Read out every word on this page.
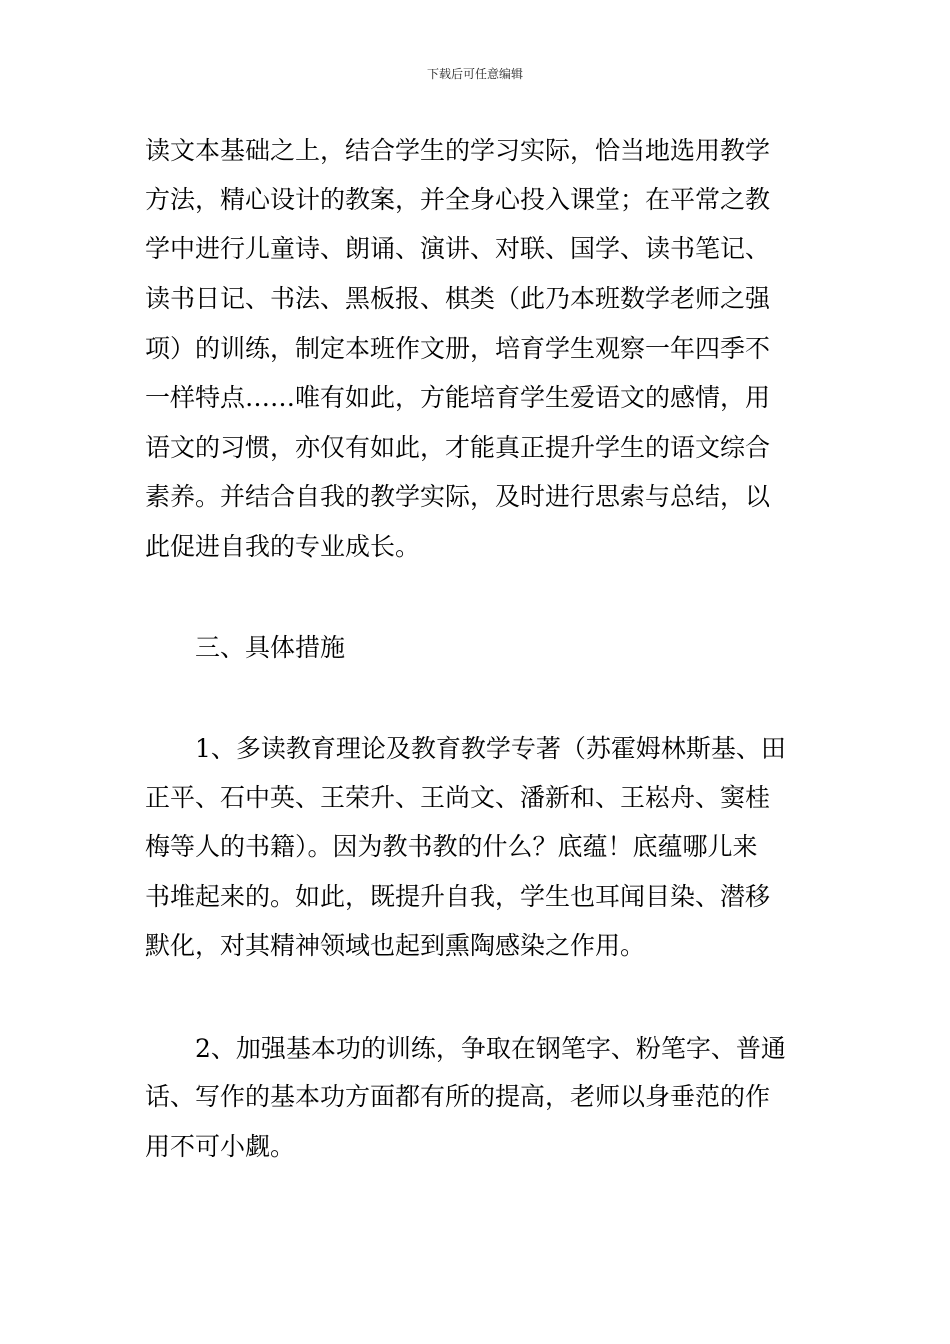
下载后可任意编辑
读文本基础之上，结合学生的学习实际，恰当地选用教学
方法，精心设计的教案，并全身心投入课堂；在平常之教
学中进行儿童诗、朗诵、演讲、对联、国学、读书笔记、
读书日记、书法、黑板报、棋类（此乃本班数学老师之强
项）的训练，制定本班作文册，培育学生观察一年四季不
一样特点……唯有如此，方能培育学生爱语文的感情，用
语文的习惯，亦仅有如此，才能真正提升学生的语文综合
素养。并结合自我的教学实际，及时进行思索与总结，以
此促进自我的专业成长。
三、具体措施
1、多读教育理论及教育教学专著（苏霍姆林斯基、田
正平、石中英、王荣升、王尚文、潘新和、王崧舟、窦桂
梅等人的书籍）。因为教书教的什么？底蕴！底蕴哪儿来
书堆起来的。如此，既提升自我，学生也耳闻目染、潜移
默化，对其精神领域也起到熏陶感染之作用。
2、加强基本功的训练，争取在钢笔字、粉笔字、普通
话、写作的基本功方面都有所的提高，老师以身垂范的作
用不可小觑。
